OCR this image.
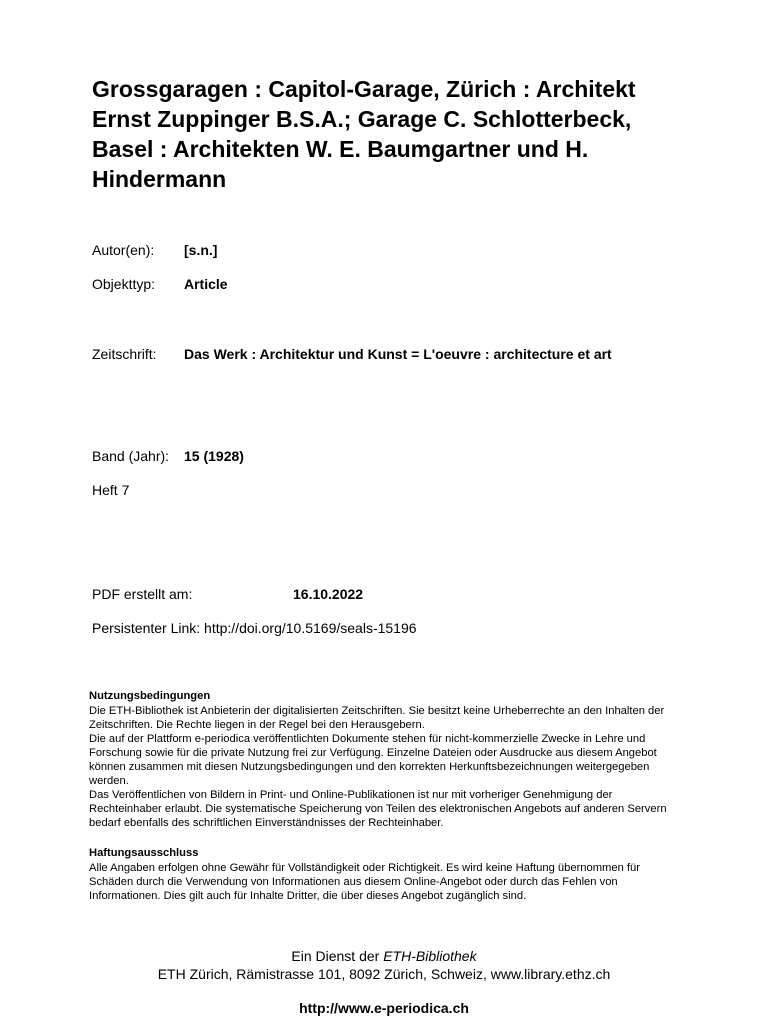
Grossgaragen : Capitol-Garage, Zürich : Architekt Ernst Zuppinger B.S.A.; Garage C. Schlotterbeck, Basel : Architekten W. E. Baumgartner und H. Hindermann
Autor(en): [s.n.]
Objekttyp: Article
Zeitschrift: Das Werk : Architektur und Kunst = L'oeuvre : architecture et art
Band (Jahr): 15 (1928)
Heft 7
PDF erstellt am:	16.10.2022
Persistenter Link: http://doi.org/10.5169/seals-15196
Nutzungsbedingungen

Die ETH-Bibliothek ist Anbieterin der digitalisierten Zeitschriften. Sie besitzt keine Urheberrechte an den Inhalten der Zeitschriften. Die Rechte liegen in der Regel bei den Herausgebern.

Die auf der Plattform e-periodica veröffentlichten Dokumente stehen für nicht-kommerzielle Zwecke in Lehre und Forschung sowie für die private Nutzung frei zur Verfügung. Einzelne Dateien oder Ausdrucke aus diesem Angebot können zusammen mit diesen Nutzungsbedingungen und den korrekten Herkunftsbezeichnungen weitergegeben werden.

Das Veröffentlichen von Bildern in Print- und Online-Publikationen ist nur mit vorheriger Genehmigung der Rechteinhaber erlaubt. Die systematische Speicherung von Teilen des elektronischen Angebots auf anderen Servern bedarf ebenfalls des schriftlichen Einverständnisses der Rechteinhaber.

Haftungsausschluss

Alle Angaben erfolgen ohne Gewähr für Vollständigkeit oder Richtigkeit. Es wird keine Haftung übernommen für Schäden durch die Verwendung von Informationen aus diesem Online-Angebot oder durch das Fehlen von Informationen. Dies gilt auch für Inhalte Dritter, die über dieses Angebot zugänglich sind.

Ein Dienst der ETH-Bibliothek
ETH Zürich, Rämistrasse 101, 8092 Zürich, Schweiz, www.library.ethz.ch
http://www.e-periodica.ch
